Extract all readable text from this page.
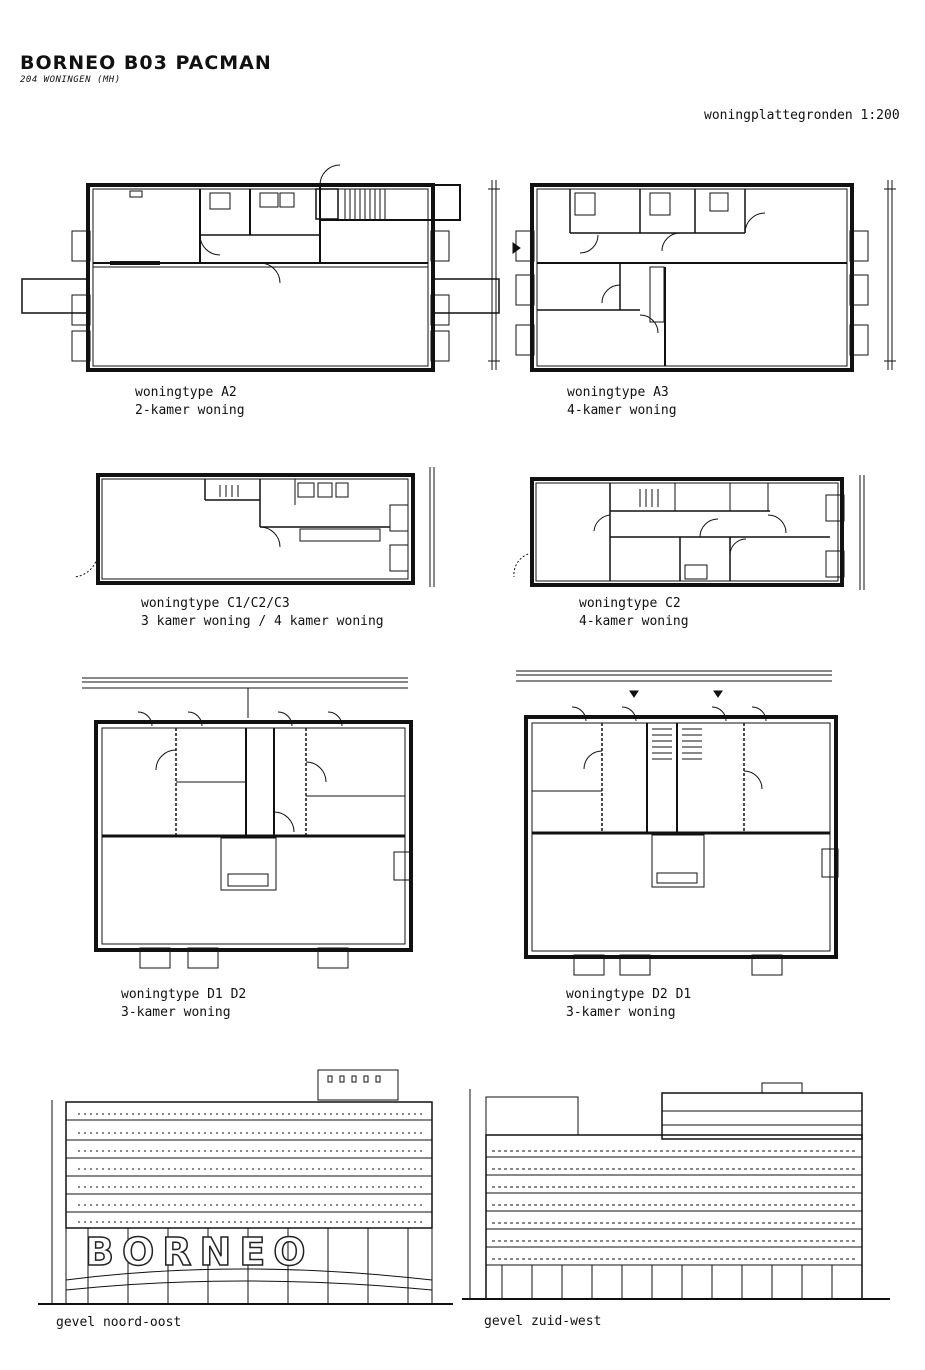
BORNEO B03 PACMAN
204 WONINGEN (MH)
woningplattegronden 1:200
woningtype A2
2-kamer woning
woningtype A3
4-kamer woning
woningtype C1/C2/C3
3 kamer woning / 4 kamer woning
woningtype C2
4-kamer woning
woningtype D1 D2
3-kamer woning
woningtype D2 D1
3-kamer woning
BORNEO
gevel noord-oost	gevel zuid-west
